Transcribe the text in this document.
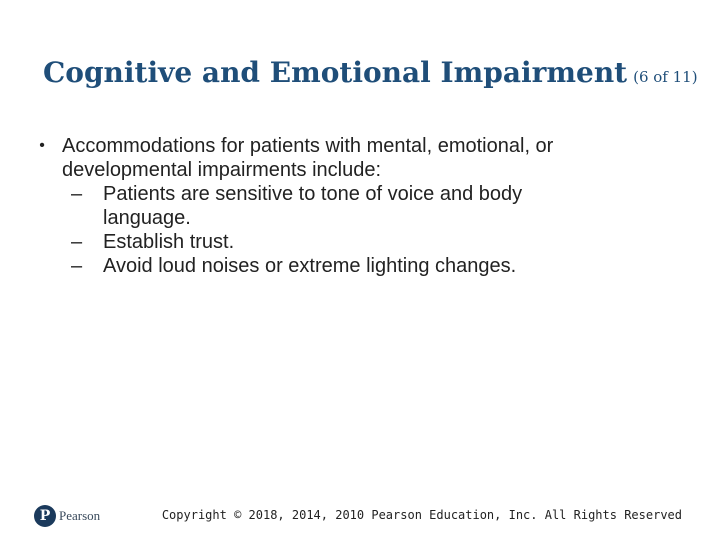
Cognitive and Emotional Impairment (6 of 11)
• Accommodations for patients with mental, emotional, or
developmental impairments include:
– Patients are sensitive to tone of voice and body
language.
– Establish trust.
– Avoid loud noises or extreme lighting changes.
P Pearson	Copyright © 2018, 2014, 2010 Pearson Education, Inc. All Rights Reserved
